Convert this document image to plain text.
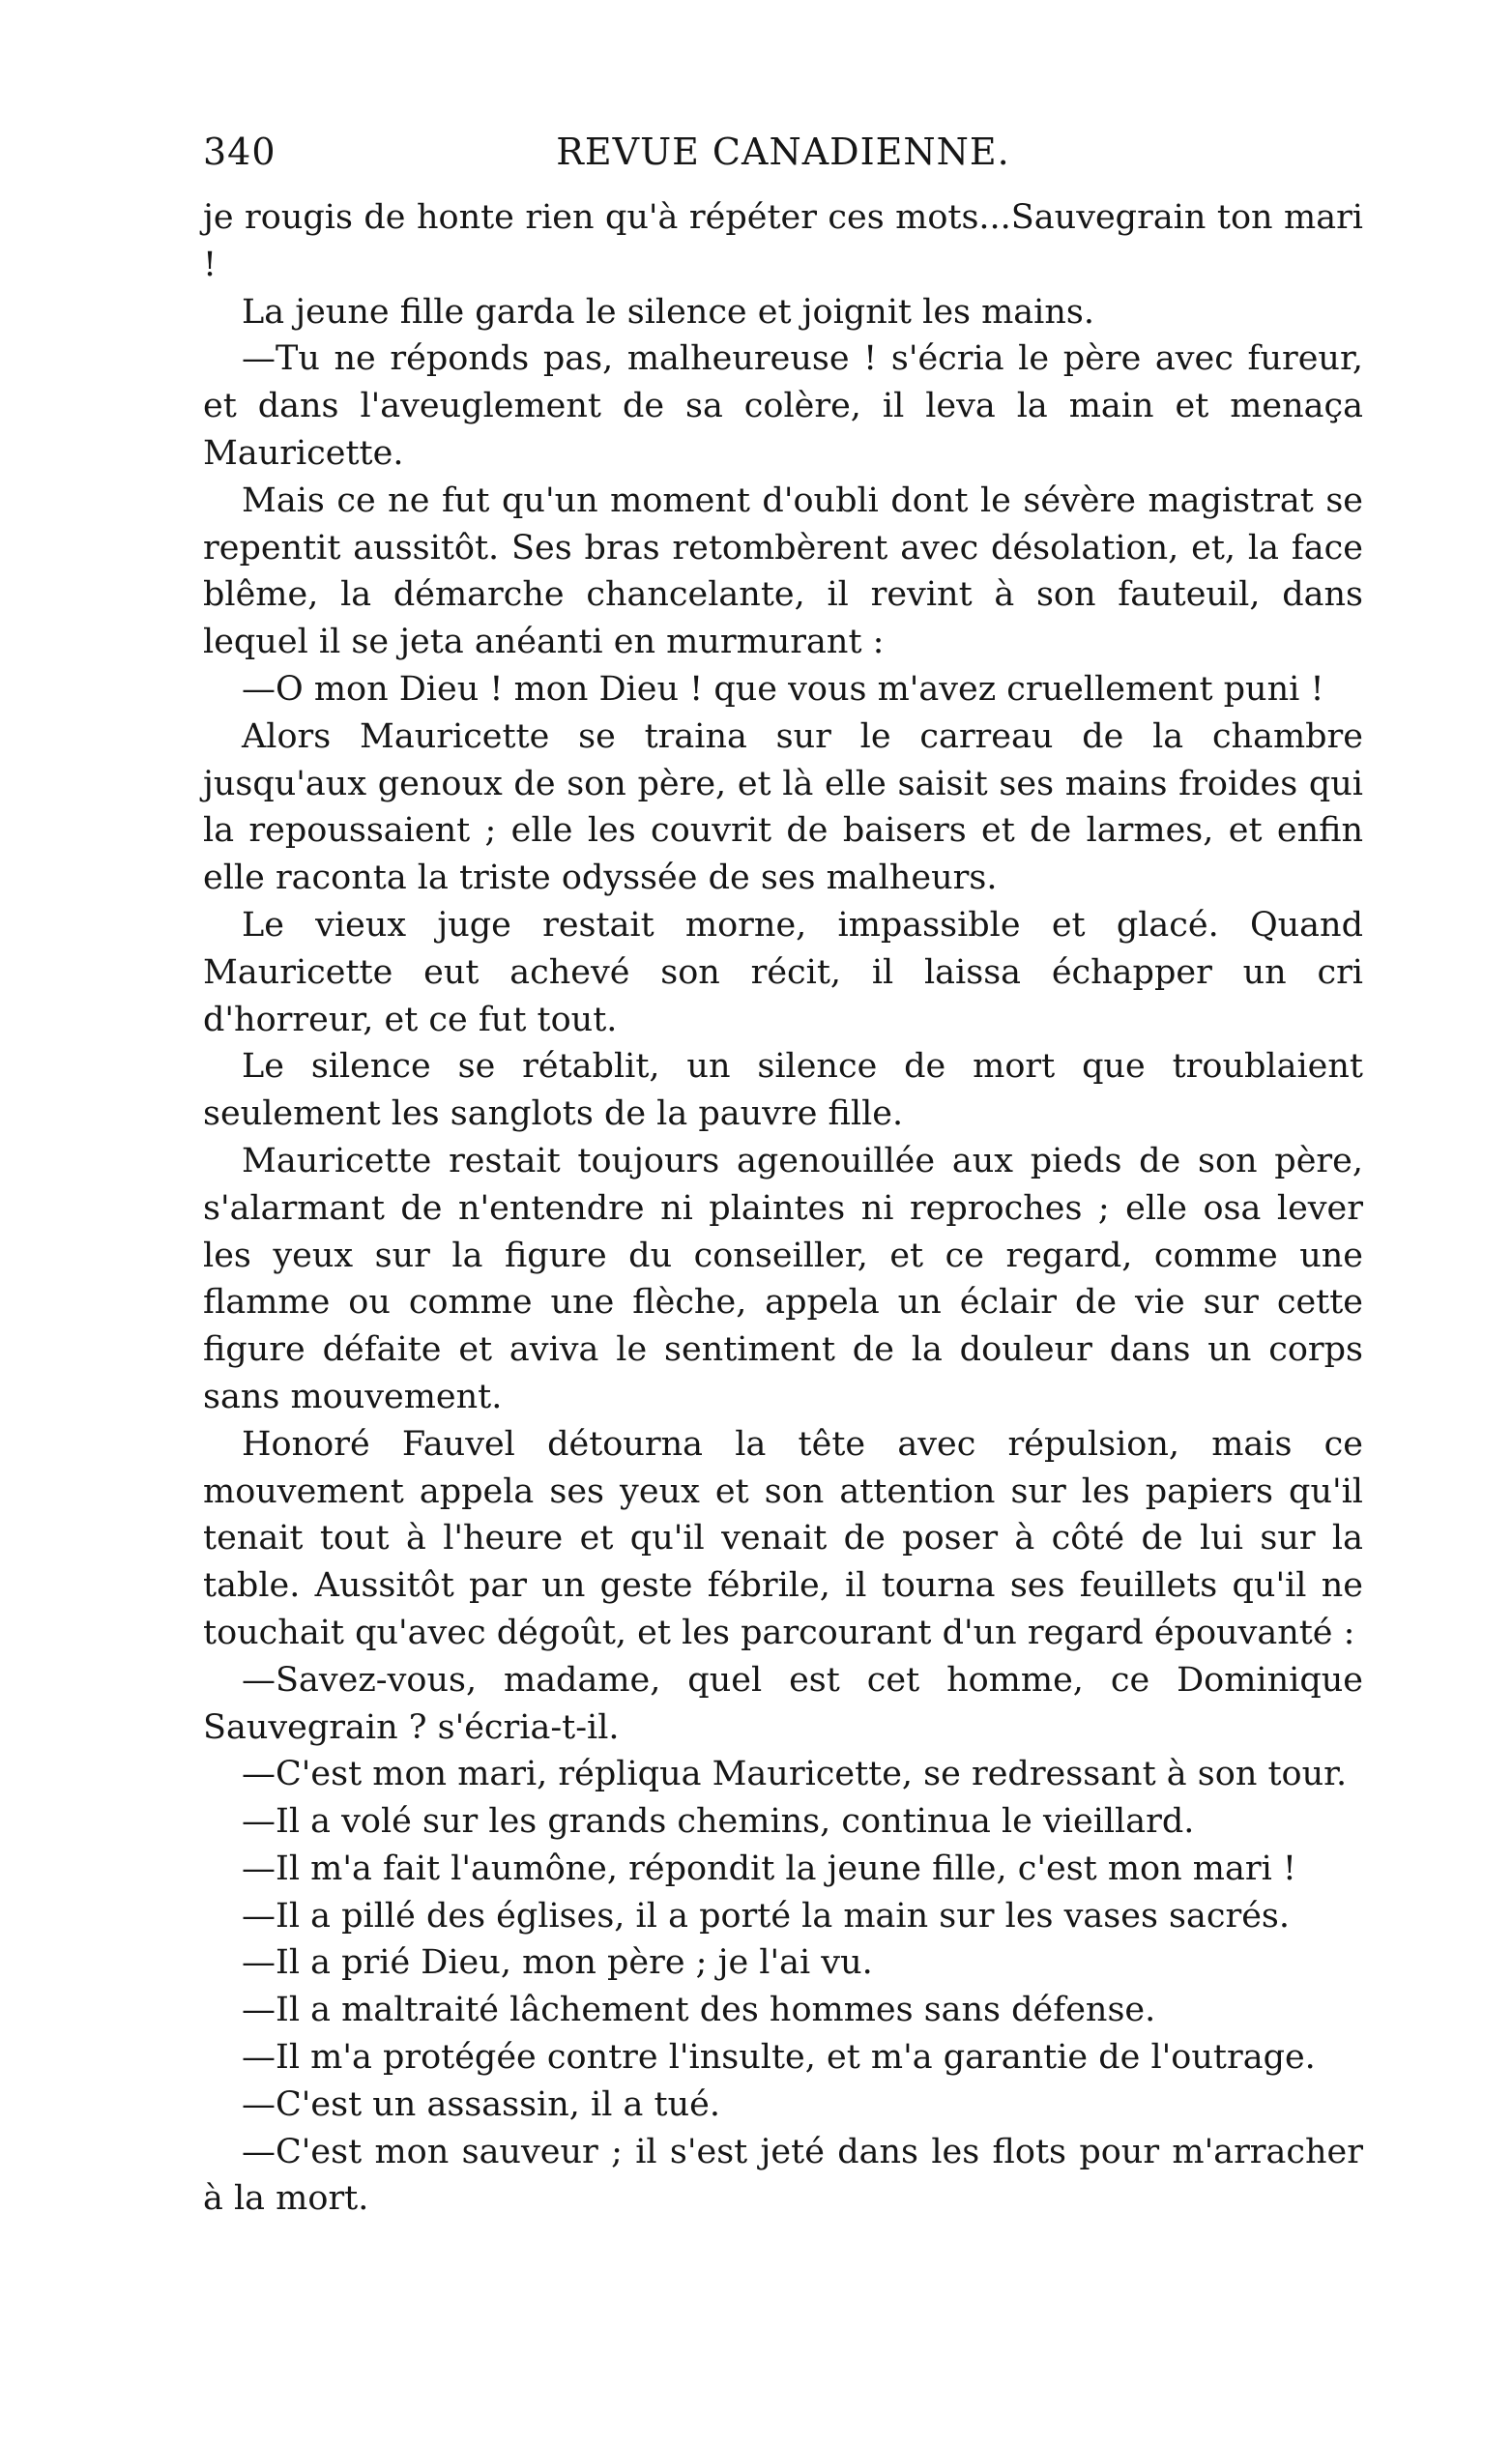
340	REVUE CANADIENNE.

je rougis de honte rien qu'à répéter ces mots...Sauvegrain ton mari !

La jeune fille garda le silence et joignit les mains.

—Tu ne réponds pas, malheureuse ! s'écria le père avec fureur, et dans l'aveuglement de sa colère, il leva la main et menaça Mauricette.

Mais ce ne fut qu'un moment d'oubli dont le sévère magistrat se repentit aussitôt. Ses bras retombèrent avec désolation, et, la face blême, la démarche chancelante, il revint à son fauteuil, dans lequel il se jeta anéanti en murmurant :

—O mon Dieu ! mon Dieu ! que vous m'avez cruellement puni !

Alors Mauricette se traina sur le carreau de la chambre jusqu'aux genoux de son père, et là elle saisit ses mains froides qui la repoussaient ; elle les couvrit de baisers et de larmes, et enfin elle raconta la triste odyssée de ses malheurs.

Le vieux juge restait morne, impassible et glacé. Quand Mauricette eut achevé son récit, il laissa échapper un cri d'horreur, et ce fut tout.

Le silence se rétablit, un silence de mort que troublaient seulement les sanglots de la pauvre fille.

Mauricette restait toujours agenouillée aux pieds de son père, s'alarmant de n'entendre ni plaintes ni reproches ; elle osa lever les yeux sur la figure du conseiller, et ce regard, comme une flamme ou comme une flèche, appela un éclair de vie sur cette figure défaite et aviva le sentiment de la douleur dans un corps sans mouvement.

Honoré Fauvel détourna la tête avec répulsion, mais ce mouvement appela ses yeux et son attention sur les papiers qu'il tenait tout à l'heure et qu'il venait de poser à côté de lui sur la table. Aussitôt par un geste fébrile, il tourna ses feuillets qu'il ne touchait qu'avec dégoût, et les parcourant d'un regard épouvanté :

—Savez-vous, madame, quel est cet homme, ce Dominique Sauvegrain ? s'écria-t-il.

—C'est mon mari, répliqua Mauricette, se redressant à son tour.

—Il a volé sur les grands chemins, continua le vieillard.

—Il m'a fait l'aumône, répondit la jeune fille, c'est mon mari !

—Il a pillé des églises, il a porté la main sur les vases sacrés.

—Il a prié Dieu, mon père ; je l'ai vu.

—Il a maltraité lâchement des hommes sans défense.

—Il m'a protégée contre l'insulte, et m'a garantie de l'outrage.

—C'est un assassin, il a tué.

—C'est mon sauveur ; il s'est jeté dans les flots pour m'arracher à la mort.
